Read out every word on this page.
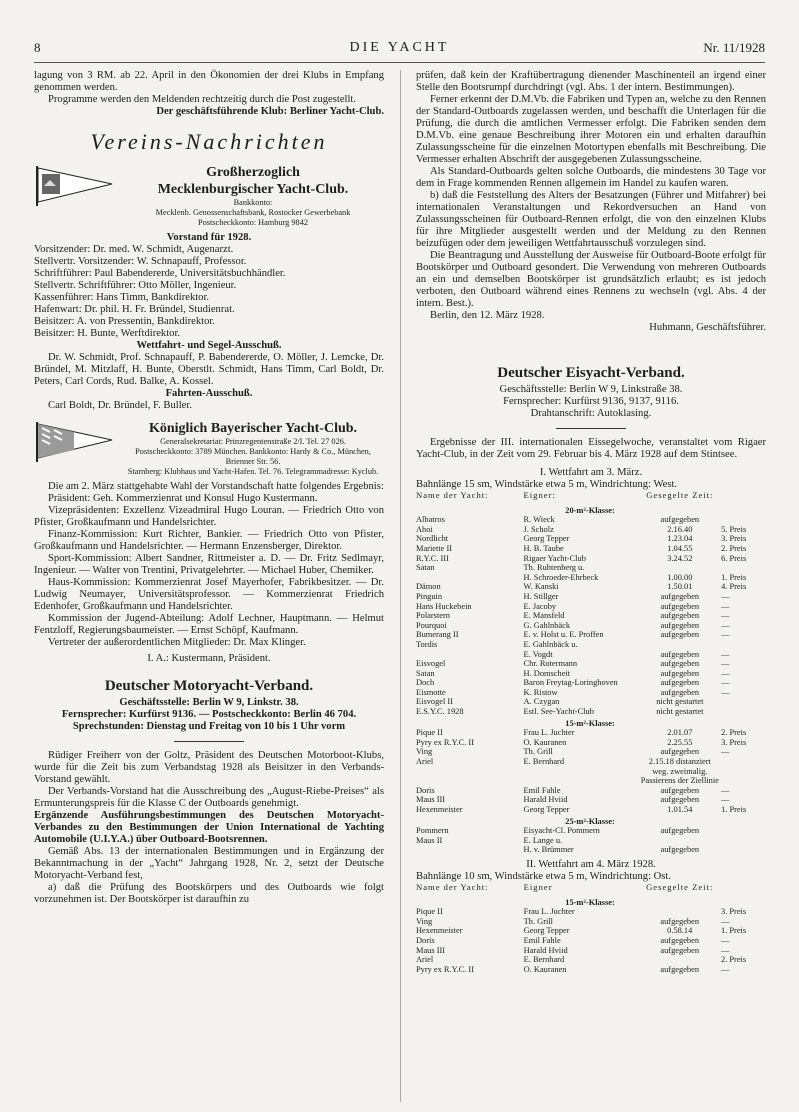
8	DIE YACHT	Nr. 11/1928

lagung von 3 RM. ab 22. April in den Ökonomien der drei Klubs in Empfang genommen werden.

Programme werden den Meldenden rechtzeitig durch die Post zugestellt.

Der geschäftsführende Klub: Berliner Yacht-Club.

Vereins-Nachrichten
Großherzoglich
Mecklenburgischer Yacht-Club.
Bankkonto:
Mecklenb. Genossenschaftsbank, Rostocker Gewerbebank
Postscheckkonto: Hamburg 9842
Vorstand für 1928.

Vorsitzender: Dr. med. W. Schmidt, Augenarzt.

Stellvertr. Vorsitzender: W. Schnapauff, Professor.

Schriftführer: Paul Babendererde, Universitätsbuchhändler.

Stellvertr. Schriftführer: Otto Möller, Ingenieur.

Kassenführer: Hans Timm, Bankdirektor.

Hafenwart: Dr. phil. H. Fr. Bründel, Studienrat.

Beisitzer: A. von Pressentin, Bankdirektor.

Beisitzer: H. Bunte, Werftdirektor.

Wettfahrt- und Segel-Ausschuß.

Dr. W. Schmidt, Prof. Schnapauff, P. Babendererde, O. Möller, J. Lemcke, Dr. Bründel, M. Mitzlaff, H. Bunte, Oberstlt. Schmidt, Hans Timm, Carl Boldt, Dr. Peters, Carl Cords, Rud. Balke, A. Kossel.

Fahrten-Ausschuß.

Carl Boldt, Dr. Bründel, F. Buller.

Königlich Bayerischer Yacht-Club.
Generalsekretariat: Prinzregentenstraße 2/I. Tel. 27 026.
Postscheckkonto: 3789 München. Bankkonto: Hardy & Co., München, Brienner Str. 56.
Starnberg: Klubhaus und Yacht-Hafen. Tel. 76. Telegrammadresse: Kyclub.

Die am 2. März stattgehabte Wahl der Vorstandschaft hatte folgendes Ergebnis:

Präsident: Geh. Kommerzienrat und Konsul Hugo Kustermann.

Vizepräsidenten: Exzellenz Vizeadmiral Hugo Louran. — Friedrich Otto von Pfister, Großkaufmann und Handelsrichter.

Finanz-Kommission: Kurt Richter, Bankier. — Friedrich Otto von Pfister, Großkaufmann und Handelsrichter. — Hermann Enzensberger, Direktor.

Sport-Kommission: Albert Sandner, Rittmeister a. D. — Dr. Fritz Sedlmayr, Ingenieur. — Walter von Trentini, Privatgelehrter. — Michael Huber, Chemiker.

Haus-Kommission: Kommerzienrat Josef Mayerhofer, Fabrikbesitzer. — Dr. Ludwig Neumayer, Universitätsprofessor. — Kommerzienrat Friedrich Edenhofer, Großkaufmann und Handelsrichter.

Kommission der Jugend-Abteilung: Adolf Lechner, Hauptmann. — Helmut Fentzloff, Regierungsbaumeister. — Ernst Schöpf, Kaufmann.

Vertreter der außerordentlichen Mitglieder: Dr. Max Klinger.

I. A.: Kustermann, Präsident.

Deutscher Motoryacht-Verband.

Geschäftsstelle: Berlin W 9, Linkstr. 38.

Fernsprecher: Kurfürst 9136. — Postscheckkonto: Berlin 46 704.

Sprechstunden: Dienstag und Freitag von 10 bis 1 Uhr vorm

Rüdiger Freiherr von der Goltz, Präsident des Deutschen Motorboot-Klubs, wurde für die Zeit bis zum Verbandstag 1928 als Beisitzer in den Verbands-Vorstand gewählt.

Der Verbands-Vorstand hat die Ausschreibung des „August-Riebe-Preises“ als Ermunterungspreis für die Klasse C der Outboards genehmigt.

Ergänzende Ausführungsbestimmungen des Deutschen Motoryacht-Verbandes zu den Bestimmungen der Union International de Yachting Automobile (U.I.Y.A.) über Outboard-Bootsrennen.

Gemäß Abs. 13 der internationalen Bestimmungen und in Ergänzung der Bekanntmachung in der „Yacht“ Jahrgang 1928, Nr. 2, setzt der Deutsche Motoryacht-Verband fest,

a) daß die Prüfung des Bootskörpers und des Outboards wie folgt vorzunehmen ist. Der Bootskörper ist daraufhin zu

prüfen, daß kein der Kraftübertragung dienender Maschinenteil an irgend einer Stelle den Bootsrumpf durchdringt (vgl. Abs. 1 der intern. Bestimmungen).

Ferner erkennt der D.M.Vb. die Fabriken und Typen an, welche zu den Rennen der Standard-Outboards zugelassen werden, und beschafft die Unterlagen für die Prüfung, die durch die amtlichen Vermesser erfolgt. Die Fabriken senden dem D.M.Vb. eine genaue Beschreibung ihrer Motoren ein und erhalten daraufhin Zulassungsscheine für die einzelnen Motortypen ebenfalls mit Beschreibung. Die Vermesser erhalten Abschrift der ausgegebenen Zulassungsscheine.

Als Standard-Outboards gelten solche Outboards, die mindestens 30 Tage vor dem in Frage kommenden Rennen allgemein im Handel zu kaufen waren.

b) daß die Feststellung des Alters der Besatzungen (Führer und Mitfahrer) bei internationalen Veranstaltungen und Rekordversuchen an Hand von Zulassungsscheinen für Outboard-Rennen erfolgt, die von den einzelnen Klubs für ihre Mitglieder ausgestellt werden und der Meldung zu den Rennen beizufügen oder dem jeweiligen Wettfahrtausschuß vorzulegen sind.

Die Beantragung und Ausstellung der Ausweise für Outboard-Boote erfolgt für Bootskörper und Outboard gesondert. Die Verwendung von mehreren Outboards an ein und demselben Bootskörper ist grundsätzlich erlaubt; es ist jedoch verboten, den Outboard während eines Rennens zu wechseln (vgl. Abs. 4 der intern. Best.).

Berlin, den 12. März 1928.

Huhmann, Geschäftsführer.

Deutscher Eisyacht-Verband.

Geschäftsstelle: Berlin W 9, Linkstraße 38.

Fernsprecher: Kurfürst 9136, 9137, 9116.

Drahtanschrift: Autoklasing.

Ergebnisse der III. internationalen Eissegelwoche, veranstaltet vom Rigaer Yacht-Club, in der Zeit vom 29. Februar bis 4. März 1928 auf dem Stintsee.

I. Wettfahrt am 3. März.

Bahnlänge 15 sm, Windstärke etwa 5 m, Windrichtung: West.

Name der Yacht:	Eigner:	Gesegelte Zeit:	
20-m²-Klasse:			
Albatros	R. Wieck	aufgegeben	
Ahoi	J. Scholz	2.16.40	5. Preis
Nordlicht	Georg Tepper	1.23.04	3. Preis
Mariette II	H. B. Taube	1.04.55	2. Preis
R.Y.C. III	Rigaer Yacht-Club	3.24.52	6. Preis
Satan	Th. Ruhtenberg u.		
	H. Schroeder-Ehrbeck	1.00.00	1. Preis
Dämon	W. Kanski	1.50.01	4. Preis
Pinguin	H. Stillger	aufgegeben	—
Hans Huckebein	E. Jacoby	aufgegeben	—
Polarstern	E. Mansfeld	aufgegeben	—
Pourquoi	G. Gahlnbäck	aufgegeben	—
Bumerang II	E. v. Holst u. E. Proffen	aufgegeben	—
Tordis	E. Gahlnbäck u.		
	E. Vogdt	aufgegeben	—
Eisvogel	Chr. Rotermann	aufgegeben	—
Satan	H. Domscheit	aufgegeben	—
Doch	Baron Freytag-Loringhoven	aufgegeben	—
Eismotte	K. Ristow	aufgegeben	—
Eisvogel II	A. Czygan	nicht gestartet	
E.S.Y.C. 1928	Estl. See-Yacht-Club	nicht gestartet	
15-m²-Klasse:			
Pique II	Frau L. Juchter	2.01.07	2. Preis
Pyry ex R.Y.C. II	O. Kauranen	2.25.55	3. Preis
Ving	Th. Grill	aufgegeben	—
Ariel	E. Bernhard	2.15.18 distanziert weg. zweimalig. Passierens der Ziellinie	
Doris	Emil Fahle	aufgegeben	—
Maus III	Harald Hviid	aufgegeben	—
Hexenmeister	Georg Tepper	1.01.54	1. Preis
25-m²-Klasse:			
Pommern	Eisyacht-Cl. Pommern	aufgegeben	
Maus II	E. Lange u.		
	H. v. Brümmer	aufgegeben	

II. Wettfahrt am 4. März 1928.

Bahnlänge 10 sm, Windstärke etwa 5 m, Windrichtung: Ost.

Name der Yacht:	Eigner	Gesegelte Zeit:	
15-m²-Klasse:			
Pique II	Frau L. Juchter		3. Preis
Ving	Th. Grill	aufgegeben	—
Hexenmeister	Georg Tepper	0.58.14	1. Preis
Doris	Emil Fahle	aufgegeben	—
Maus III	Harald Hviid	aufgegeben	—
Ariel	E. Bernhard		2. Preis
Pyry ex R.Y.C. II	O. Kauranen	aufgegeben	—
